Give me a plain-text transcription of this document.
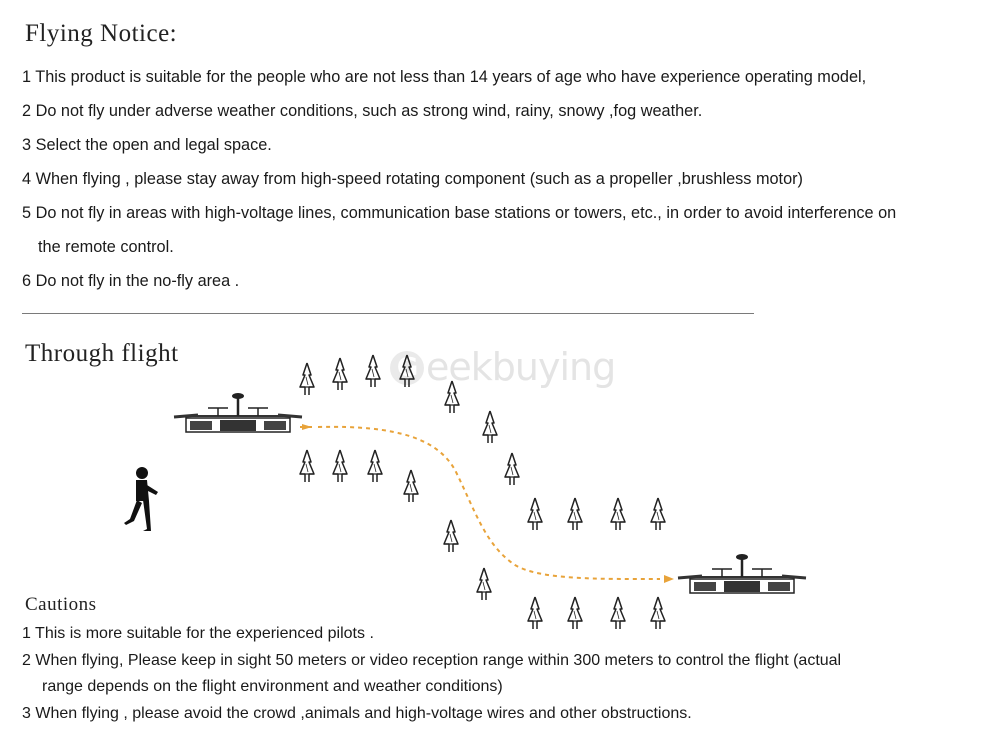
Flying Notice:
1 This product is suitable for the people who are not less than 14 years of age who have experience operating model,
2 Do not fly under adverse weather conditions, such as strong wind, rainy, snowy ,fog weather.
3 Select the open and legal space.
4 When flying , please stay away from high-speed rotating component (such as a propeller ,brushless motor)
5 Do not fly in areas with high-voltage lines, communication base stations or towers, etc., in order to avoid interference on
the remote control.
6 Do not fly in the no-fly area .
Through flight	G eekbuying
Cautions
1 This is more suitable for the experienced pilots .
2 When flying, Please keep in sight 50 meters or video reception range within 300 meters to control the flight (actual
range depends on the flight environment and weather conditions)
3 When flying , please avoid the crowd ,animals and high-voltage wires and other obstructions.
